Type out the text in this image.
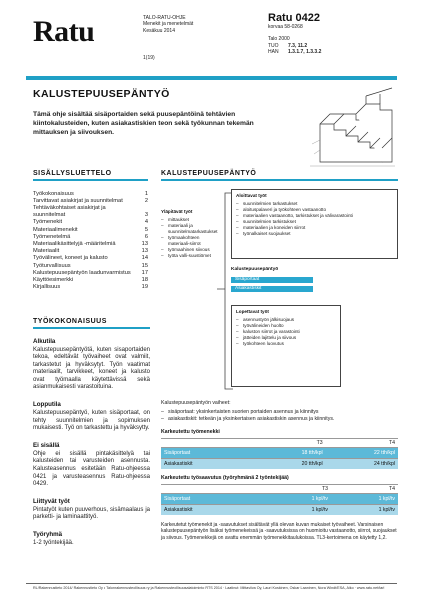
Ratu	TALO-RATU-OHJE
Menekit ja menetelmät
Kesäkuu 2014
1(19)
Ratu 0422
korvaa 58-0268
Talo 2000
TUO	7.3, 11.2
HAN	1.3.1.7, 1.3.3.2
KALUSTEPUUSEPÄNTYÖ
Tämä ohje sisältää sisäportaiden sekä puusepäntöinä tehtävien kiintokalusteiden, kuten asiakastiskien teon sekä työkunnan tekemän mittauksen ja siivouksen.
SISÄLLYSLUETTELO
Työkokonaisuus	1
Tarvittavat asiakirjat ja suunnitelmat	2
Tehtäväkohtaiset asiakirjat ja
suunnitelmat	3
Työmenekit	4
Materiaalimenekit	5
Työmenetelmä	6
Materiaalikäsittelyjä -määritelmiä	13
Materiaalit	13
Työvälineet, koneet ja kalusto	14
Työturvallisuus	15
Kalustepuusepäntyön laadunvarmistus	17
Käyttöesimerkki	18
Kirjallisuus	19
TYÖKOKONAISUUS
Alkutila
Kalustepuusepäntyötä, kuten sisaportaiden tekoa, edeltävät työvaiheet ovat valmiit, tarkastetut ja hyväksytyt. Työn vaatimat materiaalit, tarvikkeet, koneet ja kalusto ovat työmaalla käytettävissä sekä asianmukaisesti varastoituina.
Lopputila
Kalustepuusepäntyö, kuten sisäportaat, on tehty suunnitelmien ja sopimuksen mukaisesti. Työ on tarkastettu ja hyväksytty.
Ei sisällä
Ohje ei sisällä pintakäsittelyä tai kalusteiden tai varusteiden asennusta. Kalusteasennus esitetään Ratu-ohjeessa 0421 ja varusteasennus Ratu-ohjeessa 0429.
Liittyvät työt
Pintatyöt kuten puuverhous, sisämaalaus ja parketti- ja laminaattityö.
Työryhmä
1-2 työntekijää.
KALUSTEPUUSEPÄNTYÖ
Yläpitävät työt
– mittaukset
– materiaali ja suunnitelmatarkastukset
– työmaakohteen materiaali-siirrot
– työmaahinen siivous
– työta valli-suustiömet
Aloittavat työt
– suunnitelmien tarkastukset
– aloituspalaveri ja työkohteen vastaanotto
– materiaalien vastaanotto, tarkistukset ja välivarastointi
– suunnitelmien tarkistukset
– materiaalien ja koneiden siirrot
– työnalkaiset suojaukset
Kalustepuusepäntyö
Sisäportaat
Asiakastiskit
Lopettavat työt
– asennustyön jälkisuojaus
– työvälineiden huolto
– kaluston siirrot ja varastointi
– jätteiden lajittelu ja siivous
– työkohteen luovutus
Kalustepuusepäntyön vaiheet:
– sisäportaat: yksinkertaisten suorien portaiden asennus ja kiinnitys
– asiakastiskit: tetkeän ja yksinkertaisen asiakastiskin asennus ja kiinnitys.
Karkeutettu työmenekki
	T3	T4
Sisäportaat	18 tth/kpl	22 tth/kpl
Asiakastiskit	20 tth/kpl	24 tth/kpl
Karkeutettu työsaavutus (työryhmänä 2 työntekijää)
	T3	T4
Sisäportaat	1 kpl/tv	1 kpl/tv
Asiakastiskit	1 kpl/tv	1 kpl/tv
Karkeutetut työmenekit ja -saavutukset sisältävät yllä olevan kuvan mukaiset työvaiheet. Varsinaisen kalustepuusepäntyön lisäksi työmenekeissä ja -saavutuksissa on huomioitu vastaanotto, siirrot, suojaukset ja siivous. Työmenekkejä on avattu enemmän työmenekkitaulukoissa. TL3-kertoimena on käytetty 1,2.
RL/Rakennustieto 2014/ Rakennustieto Oy • Talonrakennusteollisuus ry ja Rakennusteollisuusalatoiminto RTS 2014 · Laatinut: Mittaviiva Oy, Lauri Koskinen, Oskar Laaninen, Nora Windt/ESA, Aiko · www.ratu.net/tarl
